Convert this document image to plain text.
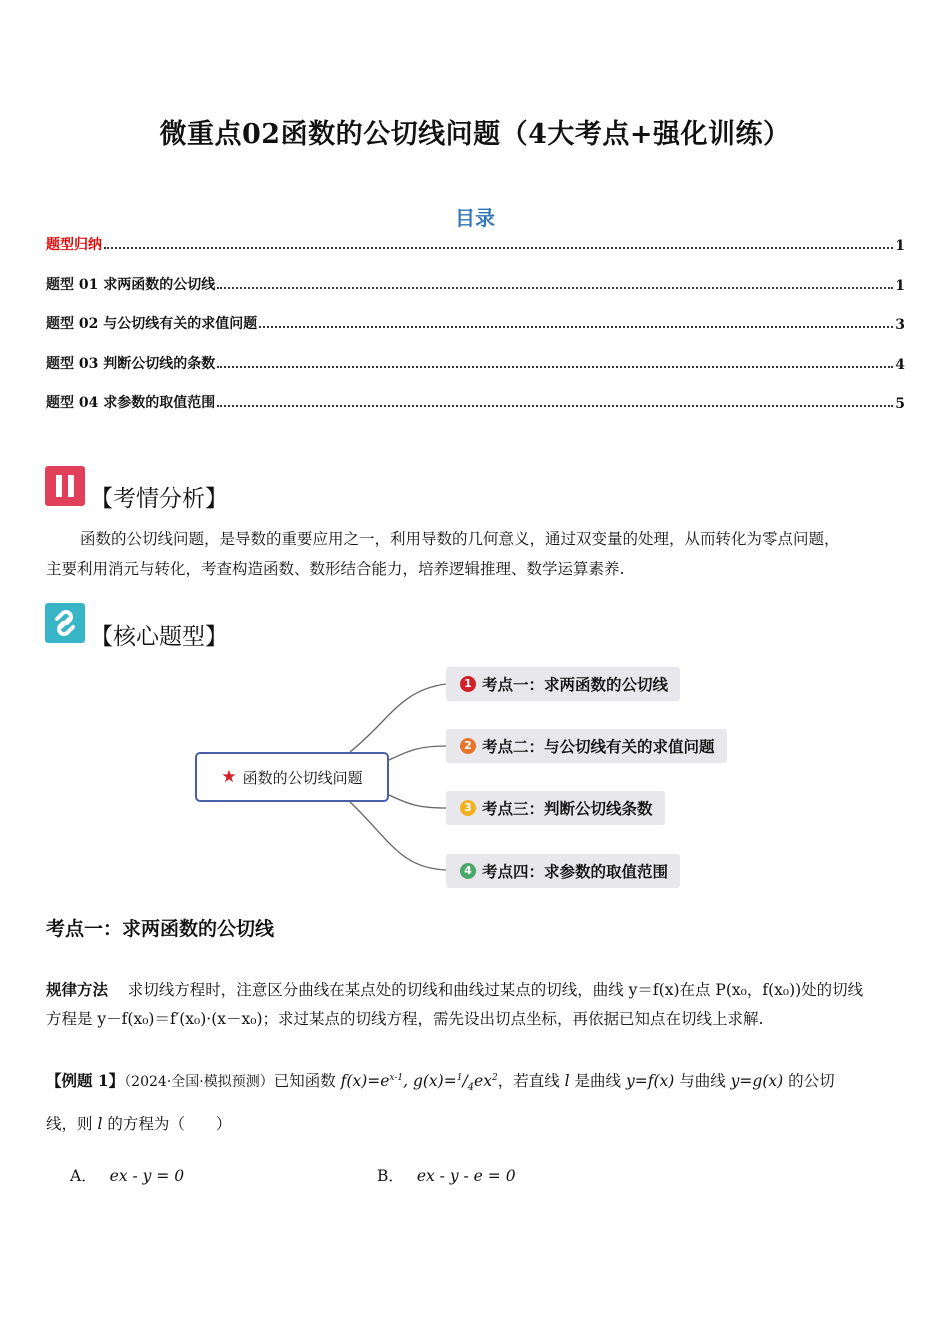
微重点02函数的公切线问题（4大考点+强化训练）
目录
题型归纳	1
题型 01 求两函数的公切线	1
题型 02 与公切线有关的求值问题	3
题型 03 判断公切线的条数	4
题型 04 求参数的取值范围	5
【考情分析】
函数的公切线问题，是导数的重要应用之一，利用导数的几何意义，通过双变量的处理，从而转化为零点问题，
主要利用消元与转化，考查构造函数、数形结合能力，培养逻辑推理、数学运算素养.
【核心题型】
★ 函数的公切线问题
1 考点一：求两函数的公切线
2 考点二：与公切线有关的求值问题
3 考点三：判断公切线条数
4 考点四：求参数的取值范围
考点一：求两函数的公切线
规律方法 求切线方程时，注意区分曲线在某点处的切线和曲线过某点的切线，曲线 y＝f(x)在点 P(x₀，f(x₀))处的切线
方程是 y－f(x₀)＝f′(x₀)·(x－x₀)；求过某点的切线方程，需先设出切点坐标，再依据已知点在切线上求解.
【例题 1】（2024·全国·模拟预测）已知函数 $f(x)=e^{x-1}$, $g(x)=^1/_4ex^2$，若直线 l 是曲线 y=f(x) 与曲线 y=g(x) 的公切
线，则 l 的方程为（　　）
A． ex - y = 0	B． ex - y - e = 0
